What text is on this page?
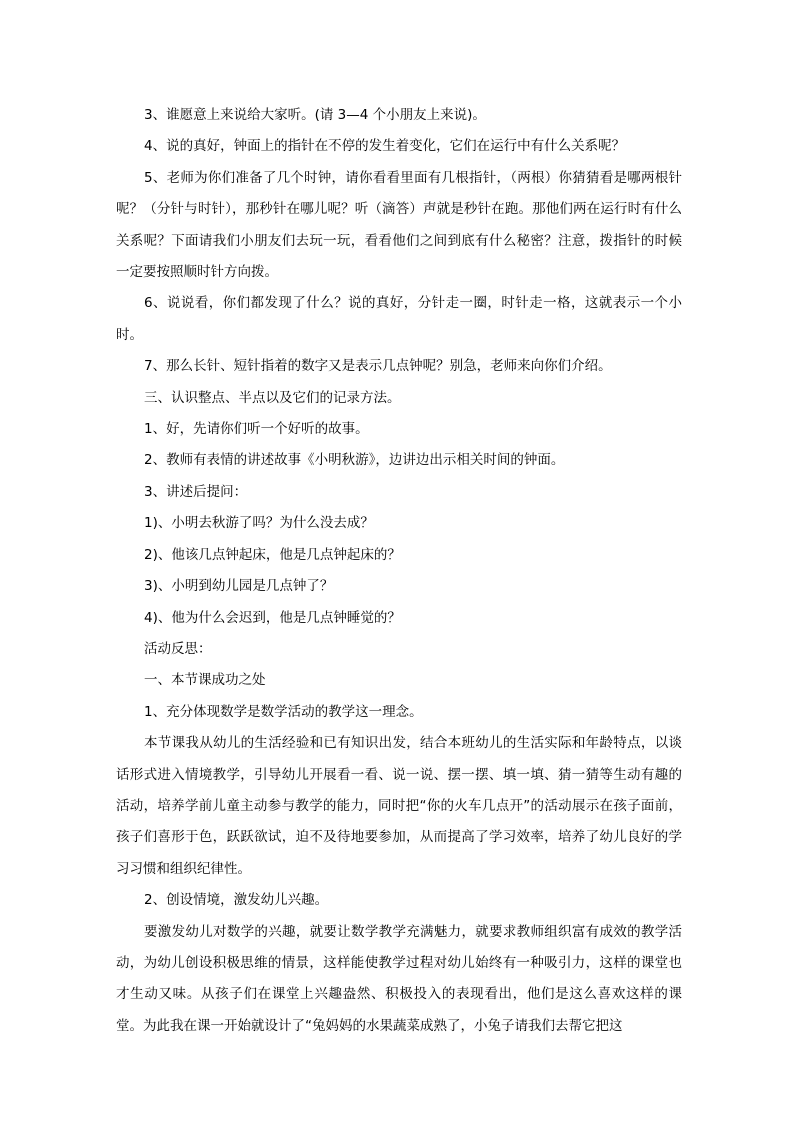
3、谁愿意上来说给大家听。(请 3—4 个小朋友上来说)。

4、说的真好，钟面上的指针在不停的发生着变化，它们在运行中有什么关系呢？

5、老师为你们准备了几个时钟，请你看看里面有几根指针，（两根）你猜猜看是哪两根针呢？（分针与时针），那秒针在哪儿呢？听（滴答）声就是秒针在跑。那他们两在运行时有什么关系呢？下面请我们小朋友们去玩一玩，看看他们之间到底有什么秘密？注意，拨指针的时候一定要按照顺时针方向拨。

6、说说看，你们都发现了什么？说的真好，分针走一圈，时针走一格，这就表示一个小时。

7、那么长针、短针指着的数字又是表示几点钟呢？别急，老师来向你们介绍。

三、认识整点、半点以及它们的记录方法。

1、好，先请你们听一个好听的故事。

2、教师有表情的讲述故事《小明秋游》，边讲边出示相关时间的钟面。

3、讲述后提问：

1)、小明去秋游了吗？为什么没去成？

2)、他该几点钟起床，他是几点钟起床的？

3)、小明到幼儿园是几点钟了？

4)、他为什么会迟到，他是几点钟睡觉的？

活动反思：

一、本节课成功之处

1、充分体现数学是数学活动的教学这一理念。

本节课我从幼儿的生活经验和已有知识出发，结合本班幼儿的生活实际和年龄特点，以谈话形式进入情境教学，引导幼儿开展看一看、说一说、摆一摆、填一填、猜一猜等生动有趣的活动，培养学前儿童主动参与教学的能力，同时把“你的火车几点开”的活动展示在孩子面前，孩子们喜形于色，跃跃欲试，迫不及待地要参加，从而提高了学习效率，培养了幼儿良好的学习习惯和组织纪律性。

2、创设情境，激发幼儿兴趣。

要激发幼儿对数学的兴趣，就要让数学教学充满魅力，就要求教师组织富有成效的教学活动，为幼儿创设积极思维的情景，这样能使教学过程对幼儿始终有一种吸引力，这样的课堂也才生动又味。从孩子们在课堂上兴趣盎然、积极投入的表现看出，他们是这么喜欢这样的课堂。为此我在课一开始就设计了“兔妈妈的水果蔬菜成熟了，小兔子请我们去帮它把这
